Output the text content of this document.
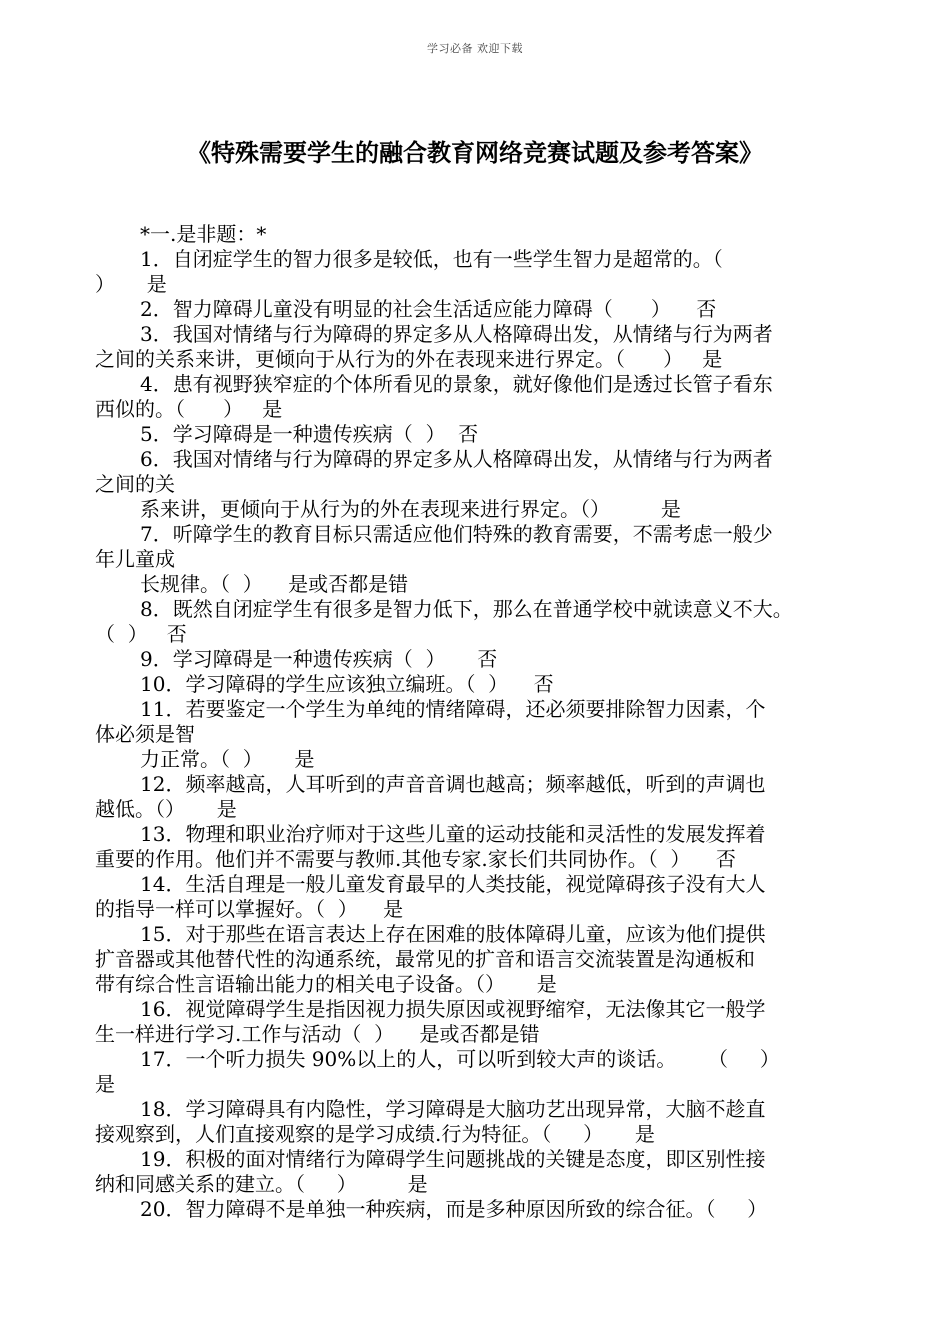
学习必备 欢迎下载
《特殊需要学生的融合教育网络竞赛试题及参考答案》
*一.是非题：*
1．自闭症学生的智力很多是较低，也有一些学生智力是超常的。（
）     是
2．智力障碍儿童没有明显的社会生活适应能力障碍（      ）    否
3．我国对情绪与行为障碍的界定多从人格障碍出发，从情绪与行为两者
之间的关系来讲，更倾向于从行为的外在表现来进行界定。（      ）   是
4．患有视野狭窄症的个体所看见的景象，就好像他们是透过长管子看东
西似的。（      ）   是
5．学习障碍是一种遗传疾病（  ）  否
6．我国对情绪与行为障碍的界定多从人格障碍出发，从情绪与行为两者
之间的关
系来讲，更倾向于从行为的外在表现来进行界定。（）        是
7．听障学生的教育目标只需适应他们特殊的教育需要，不需考虑一般少
年儿童成
长规律。（  ）    是或否都是错
8．既然自闭症学生有很多是智力低下，那么在普通学校中就读意义不大。
（  ）   否
9．学习障碍是一种遗传疾病（  ）     否
10．学习障碍的学生应该独立编班。（  ）    否
11．若要鉴定一个学生为单纯的情绪障碍，还必须要排除智力因素，个
体必须是智
力正常。（  ）     是
12．频率越高，人耳听到的声音音调也越高；频率越低，听到的声调也
越低。（）     是
13．物理和职业治疗师对于这些儿童的运动技能和灵活性的发展发挥着
重要的作用。他们并不需要与教师.其他专家.家长们共同协作。（  ）    否
14．生活自理是一般儿童发育最早的人类技能，视觉障碍孩子没有大人
的指导一样可以掌握好。（  ）    是
15．对于那些在语言表达上存在困难的肢体障碍儿童，应该为他们提供
扩音器或其他替代性的沟通系统，最常见的扩音和语言交流装置是沟通板和
带有综合性言语输出能力的相关电子设备。（）     是
16．视觉障碍学生是指因视力损失原因或视野缩窄，无法像其它一般学
生一样进行学习.工作与活动（  ）    是或否都是错
17．一个听力损失 90%以上的人，可以听到较大声的谈话。     （     ）
是
18．学习障碍具有内隐性，学习障碍是大脑功艺出现异常，大脑不趁直
接观察到，人们直接观察的是学习成绩.行为特征。（     ）     是
19．积极的面对情绪行为障碍学生问题挑战的关键是态度，即区别性接
纳和同感关系的建立。（     ）        是
20．智力障碍不是单独一种疾病，而是多种原因所致的综合征。（     ）
